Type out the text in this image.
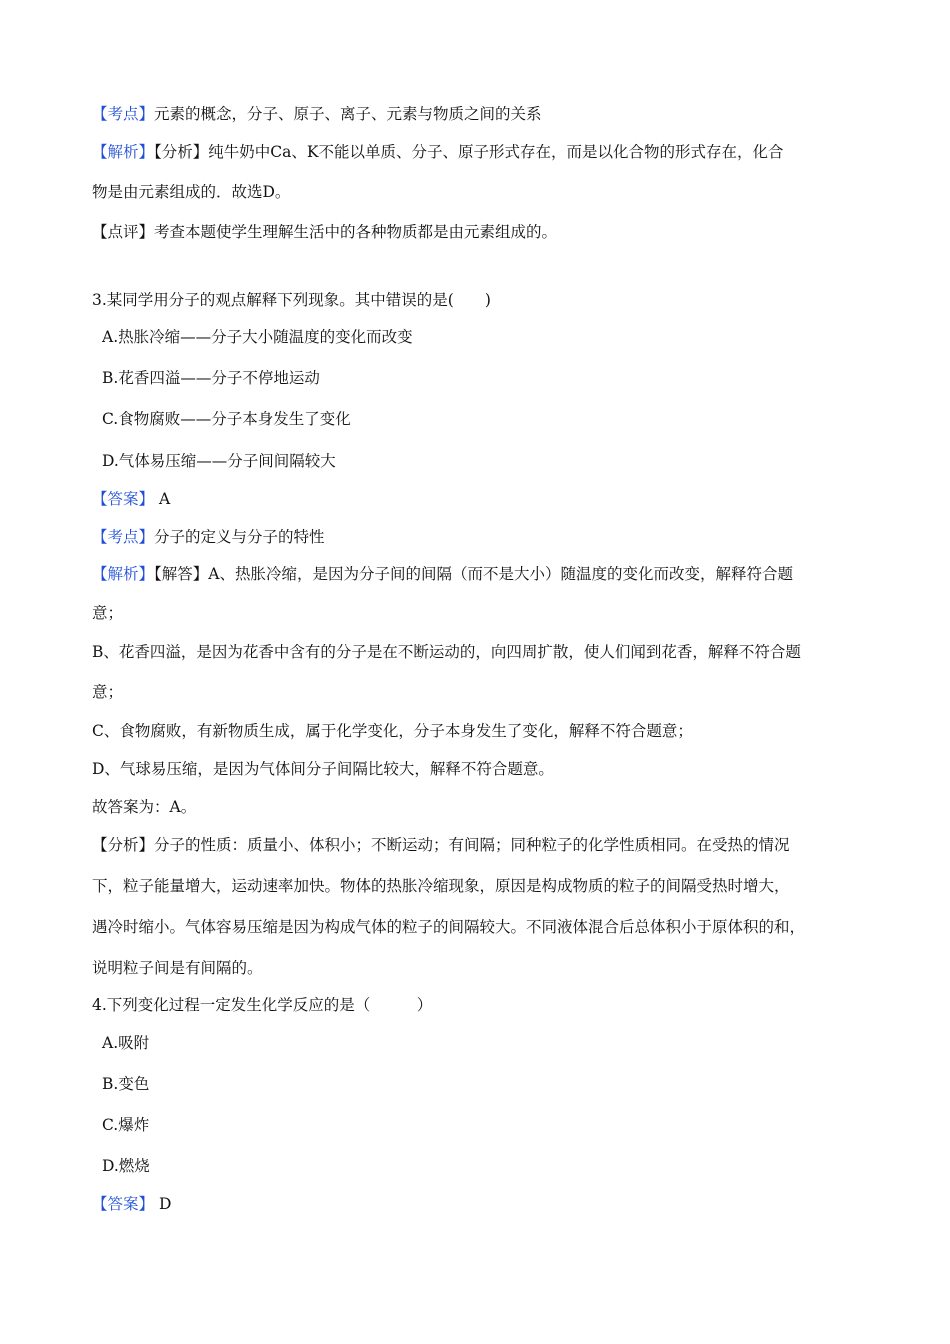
【考点】元素的概念，分子、原子、离子、元素与物质之间的关系
【解析】【分析】纯牛奶中Ca、K不能以单质、分子、原子形式存在，而是以化合物的形式存在，化合
物是由元素组成的．故选D。
【点评】考查本题使学生理解生活中的各种物质都是由元素组成的。
3.某同学用分子的观点解释下列现象。其中错误的是(　　)
A.热胀冷缩——分子大小随温度的变化而改变
B.花香四溢——分子不停地运动
C.食物腐败——分子本身发生了变化
D.气体易压缩——分子间间隔较大
【答案】 A
【考点】分子的定义与分子的特性
【解析】【解答】A、热胀冷缩，是因为分子间的间隔（而不是大小）随温度的变化而改变，解释符合题
意；
B、花香四溢，是因为花香中含有的分子是在不断运动的，向四周扩散，使人们闻到花香，解释不符合题
意；
C、食物腐败，有新物质生成，属于化学变化，分子本身发生了变化，解释不符合题意；
D、气球易压缩，是因为气体间分子间隔比较大，解释不符合题意。
故答案为：A。
【分析】分子的性质：质量小、体积小；不断运动；有间隔；同种粒子的化学性质相同。在受热的情况
下，粒子能量增大，运动速率加快。物体的热胀冷缩现象，原因是构成物质的粒子的间隔受热时增大，
遇冷时缩小。气体容易压缩是因为构成气体的粒子的间隔较大。不同液体混合后总体积小于原体积的和，
说明粒子间是有间隔的。
4.下列变化过程一定发生化学反应的是（　　　）
A.吸附
B.变色
C.爆炸
D.燃烧
【答案】 D
